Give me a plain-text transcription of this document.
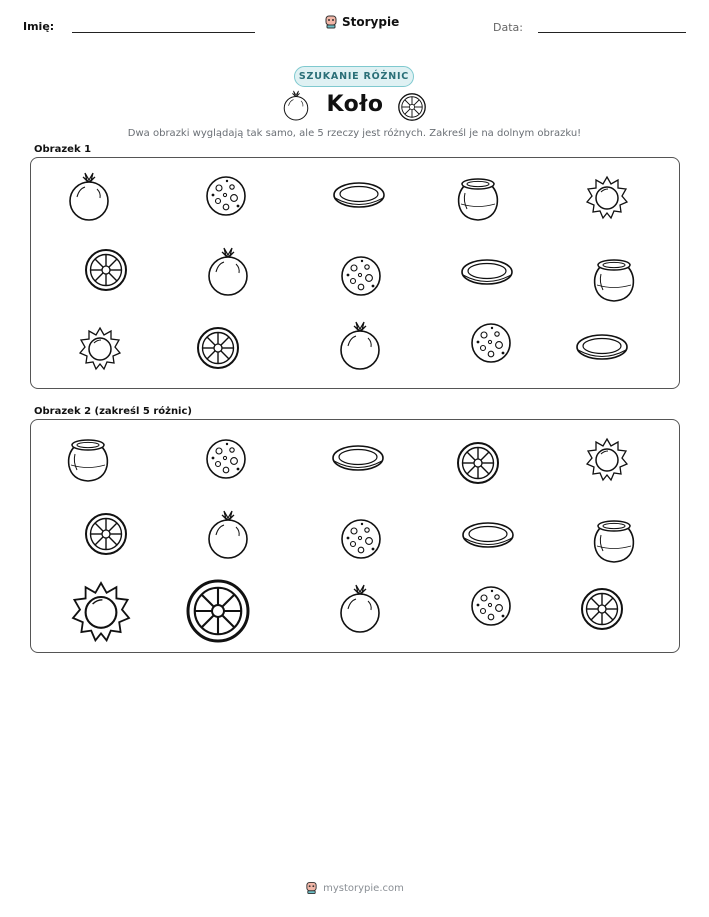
Imię:	Storypie	Data:
SZUKANIE RÓŻNIC
Koło
Dwa obrazki wyglądają tak samo, ale 5 rzeczy jest różnych. Zakreśl je na dolnym obrazku!
Obrazek 1
Obrazek 2 (zakreśl 5 różnic)
mystorypie.com
